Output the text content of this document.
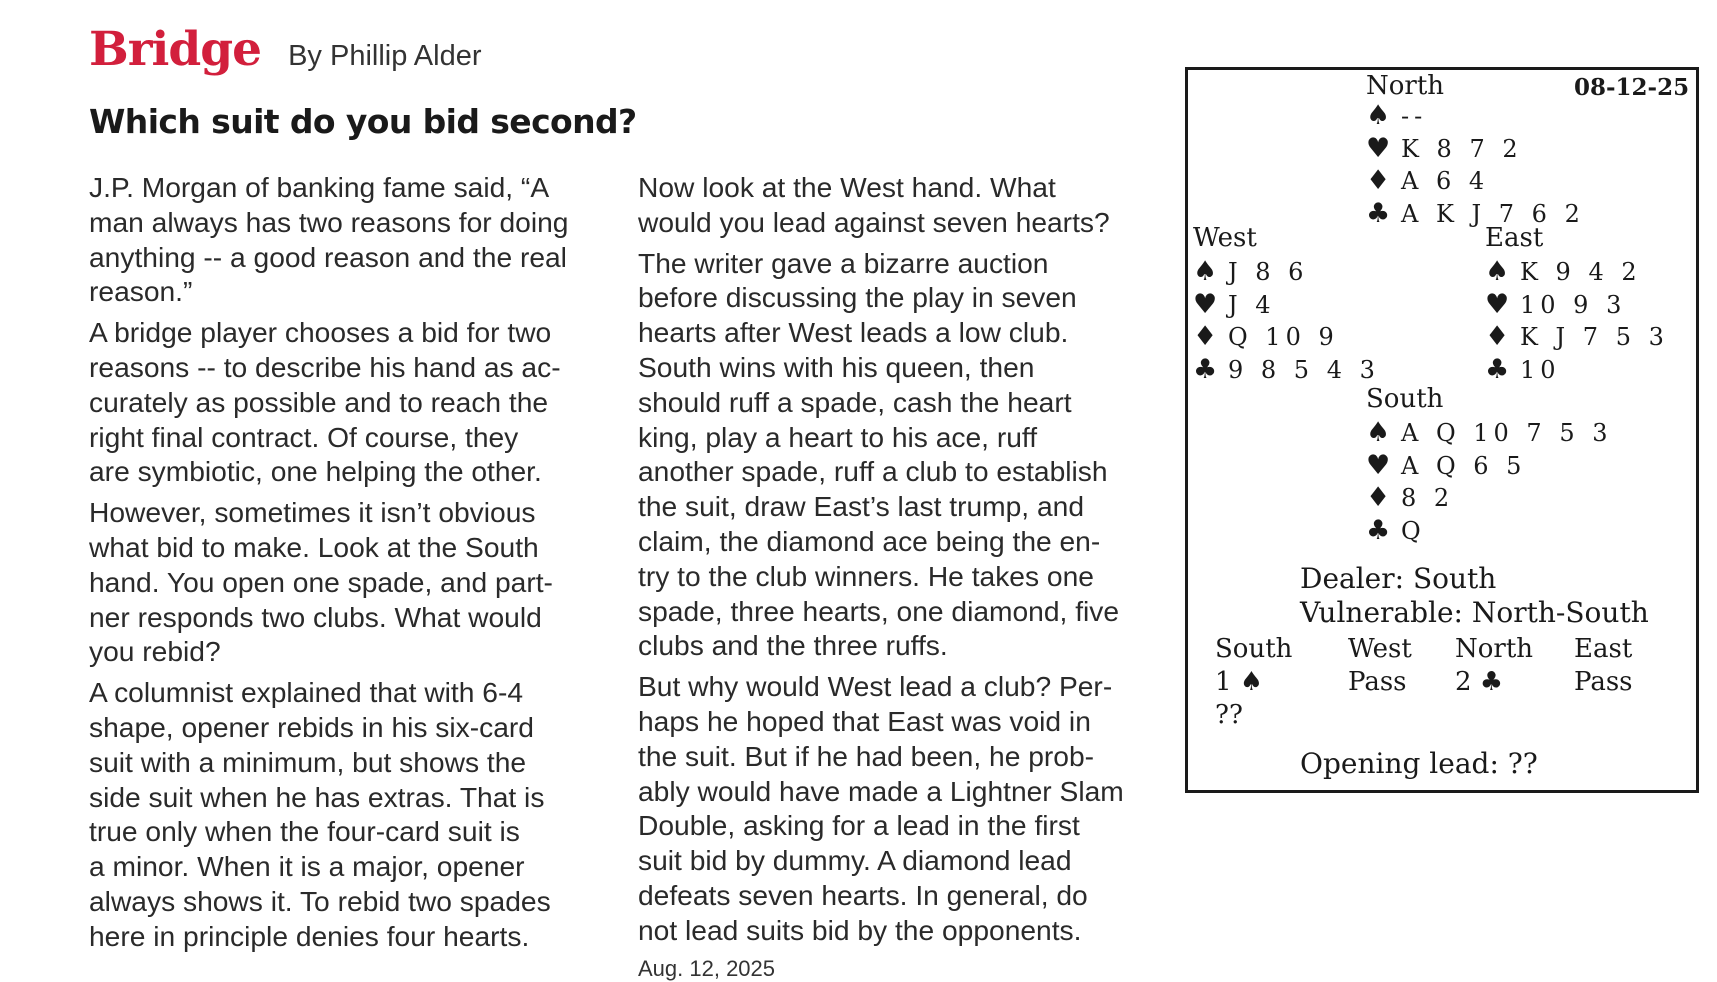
Bridge By Phillip Alder
Which suit do you bid second?

J.P. Morgan of banking fame said, “A
man always has two reasons for doing
anything -- a good reason and the real
reason.”

A bridge player chooses a bid for two
reasons -- to describe his hand as ac-
curately as possible and to reach the
right final contract. Of course, they
are symbiotic, one helping the other.

However, sometimes it isn’t obvious
what bid to make. Look at the South
hand. You open one spade, and part-
ner responds two clubs. What would
you rebid?

A columnist explained that with 6-4
shape, opener rebids in his six-card
suit with a minimum, but shows the
side suit when he has extras. That is
true only when the four-card suit is
a minor. When it is a major, opener
always shows it. To rebid two spades
here in principle denies four hearts.

Now look at the West hand. What
would you lead against seven hearts?

The writer gave a bizarre auction
before discussing the play in seven
hearts after West leads a low club.
South wins with his queen, then
should ruff a spade, cash the heart
king, play a heart to his ace, ruff
another spade, ruff a club to establish
the suit, draw East’s last trump, and
claim, the diamond ace being the en-
try to the club winners. He takes one
spade, three hearts, one diamond, five
clubs and the three ruffs.

But why would West lead a club? Per-
haps he hoped that East was void in
the suit. But if he had been, he prob-
ably would have made a Lightner Slam
Double, asking for a lead in the first
suit bid by dummy. A diamond lead
defeats seven hearts. In general, do
not lead suits bid by the opponents.

Aug. 12, 2025
North	08-12-25
♠ --
♥ K 8 7 2
♦ A 6 4
♣ A K J 7 6 2
West
♠ J 8 6
♥ J 4
♦ Q 10 9
♣ 9 8 5 4 3
East
♠ K 9 4 2
♥ 10 9 3
♦ K J 7 5 3
♣ 10
South
♠ A Q 10 7 5 3
♥ A Q 6 5
♦ 8 2
♣ Q
Dealer: South
Vulnerable: North-South
South
1 ♠
??
West
Pass
North
2 ♣
East
Pass
Opening lead: ??
